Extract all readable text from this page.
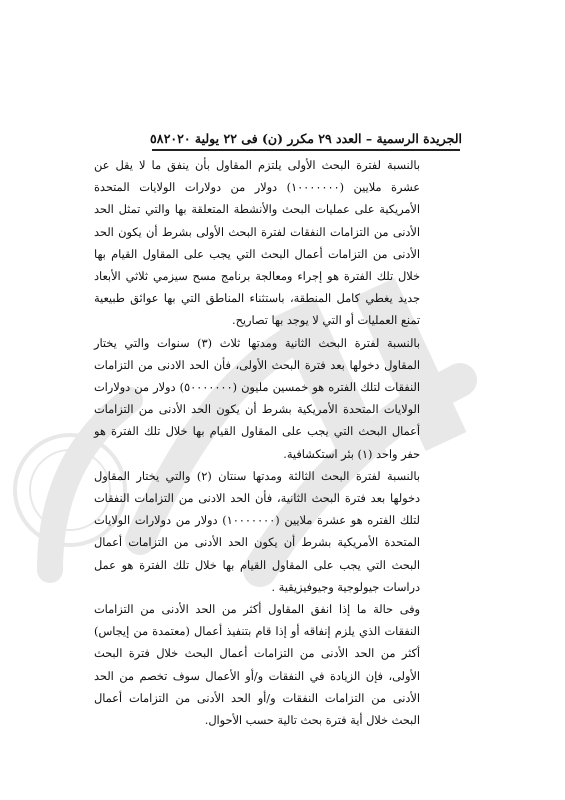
الجريدة الرسمية – العدد ٢٩ مكرر (ن) فى ٢٢ يولية ٢٠٢٠
٥٨

بالنسبة لفترة البحث الأولى يلتزم المقاول بأن ينفق ما لا يقل عن عشرة ملايين (١٠٠٠٠٠٠٠) دولار من دولارات الولايات المتحدة الأمريكية على عمليات البحث والأنشطة المتعلقة بها والتي تمثل الحد الأدنى من التزامات النفقات لفترة البحث الأولى بشرط أن يكون الحد الأدنى من التزامات أعمال البحث التي يجب على المقاول القيام بها خلال تلك الفترة هو إجراء ومعالجة برنامج مسح سيزمي ثلاثي الأبعاد جديد يغطي كامل المنطقة، باستثناء المناطق التي بها عوائق طبيعية تمنع العمليات أو التي لا يوجد بها تصاريح.

بالنسبة لفترة البحث الثانية ومدتها ثلاث (٣) سنوات والتي يختار المقاول دخولها بعد فترة البحث الأولى، فأن الحد الادنى من التزامات النفقات لتلك الفتره هو خمسين مليون (٥٠٠٠٠٠٠٠) دولار من دولارات الولايات المتحدة الأمريكية بشرط أن يكون الحد الأدنى من التزامات أعمال البحث التي يجب على المقاول القيام بها خلال تلك الفترة هو حفر واحد (١) بئر استكشافية.

بالنسبة لفترة البحث الثالثة ومدتها سنتان (٢) والتي يختار المقاول دخولها بعد فترة البحث الثانية، فأن الحد الادنى من التزامات النفقات لتلك الفتره هو عشرة ملايين (١٠٠٠٠٠٠٠) دولار من دولارات الولايات المتحدة الأمريكية بشرط أن يكون الحد الأدنى من التزامات أعمال البحث التي يجب على المقاول القيام بها خلال تلك الفترة هو عمل دراسات جيولوجية وجيوفيزيقية .

وفى حالة ما إذا انفق المقاول أكثر من الحد الأدنى من التزامات النفقات الذي يلزم إنفاقه أو إذا قام بتنفيذ أعمال (معتمدة من إيجاس) أكثر من الحد الأدنى من التزامات أعمال البحث خلال فترة البحث الأولى، فإن الزيادة في النفقات و/أو الأعمال سوف تخصم من الحد الأدنى من التزامات النفقات و/أو الحد الأدنى من التزامات أعمال البحث خلال أية فترة بحث تالية حسب الأحوال.
